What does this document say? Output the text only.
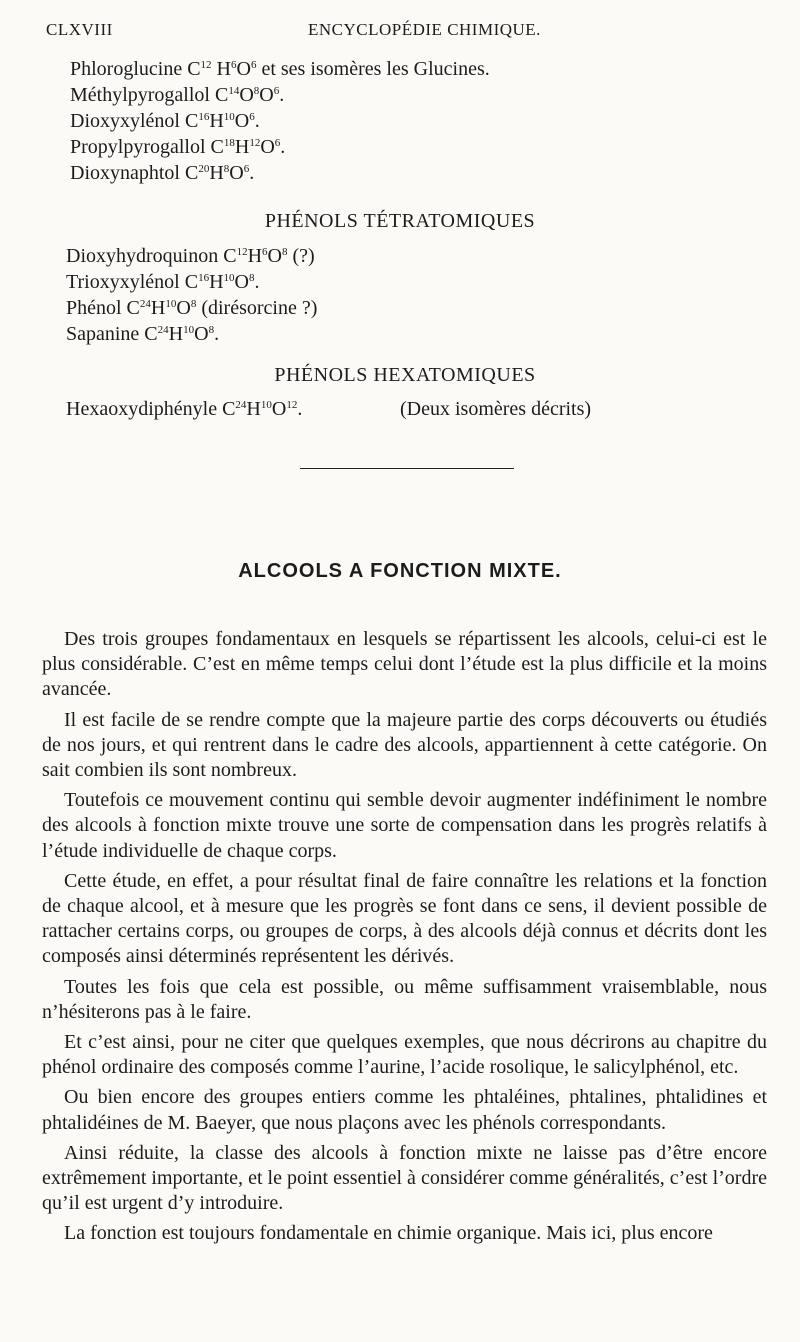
CLXVIII	ENCYCLOPÉDIE CHIMIQUE.
Phloroglucine $C^{12}$ $H^6O^6$ et ses isomères les Glucines.
Méthylpyrogallol $C^{14}O^8O^6$.
Dioxyxylénol $C^{16}H^{10}O^6$.
Propylpyrogallol $C^{18}H^{12}O^6$.
Dioxynaphtol $C^{20}H^8O^6$.
PHÉNOLS TÉTRATOMIQUES
Dioxyhydroquinon $C^{12}H^6O^8$ (?)
Trioxyxylénol $C^{16}H^{10}O^8$.
Phénol $C^{24}H^{10}O^8$ (dirésorcine ?)
Sapanine $C^{24}H^{10}O^8$.
PHÉNOLS HEXATOMIQUES
Hexaoxydiphényle $C^{24}H^{10}O^{12}$.	(Deux isomères décrits)
ALCOOLS A FONCTION MIXTE.

Des trois groupes fondamentaux en lesquels se répartissent les alcools, celui-ci est le plus considérable. C’est en même temps celui dont l’étude est la plus difficile et la moins avancée.

Il est facile de se rendre compte que la majeure partie des corps découverts ou étudiés de nos jours, et qui rentrent dans le cadre des alcools, appartiennent à cette catégorie. On sait combien ils sont nombreux.

Toutefois ce mouvement continu qui semble devoir augmenter indéfiniment le nombre des alcools à fonction mixte trouve une sorte de compensation dans les progrès relatifs à l’étude individuelle de chaque corps.

Cette étude, en effet, a pour résultat final de faire connaître les relations et la fonction de chaque alcool, et à mesure que les progrès se font dans ce sens, il devient possible de rattacher certains corps, ou groupes de corps, à des alcools déjà connus et décrits dont les composés ainsi déterminés représentent les dérivés.

Toutes les fois que cela est possible, ou même suffisamment vraisemblable, nous n’hésiterons pas à le faire.

Et c’est ainsi, pour ne citer que quelques exemples, que nous décrirons au chapitre du phénol ordinaire des composés comme l’aurine, l’acide rosolique, le salicylphénol, etc.

Ou bien encore des groupes entiers comme les phtaléines, phtalines, phtalidines et phtalidéines de M. Baeyer, que nous plaçons avec les phénols correspondants.

Ainsi réduite, la classe des alcools à fonction mixte ne laisse pas d’être encore extrêmement importante, et le point essentiel à considérer comme généralités, c’est l’ordre qu’il est urgent d’y introduire.

La fonction est toujours fondamentale en chimie organique. Mais ici, plus encore
